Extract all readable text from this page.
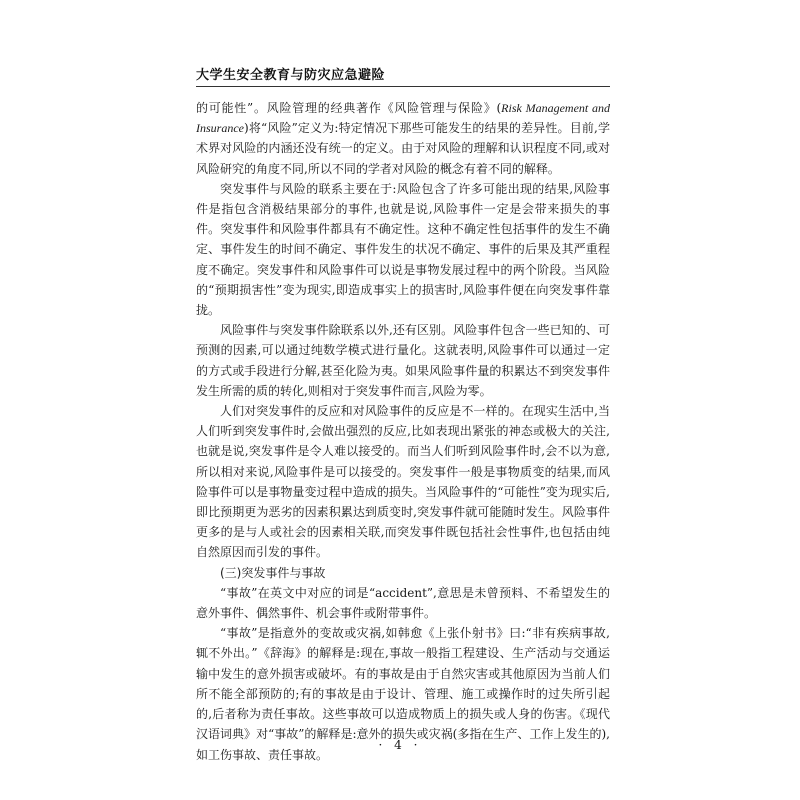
大学生安全教育与防灾应急避险

的可能性”。风险管理的经典著作《风险管理与保险》(Risk Management and Insurance)将“风险”定义为:特定情况下那些可能发生的结果的差异性。目前,学术界对风险的内涵还没有统一的定义。由于对风险的理解和认识程度不同,或对风险研究的角度不同,所以不同的学者对风险的概念有着不同的解释。

突发事件与风险的联系主要在于:风险包含了许多可能出现的结果,风险事件是指包含消极结果部分的事件,也就是说,风险事件一定是会带来损失的事件。突发事件和风险事件都具有不确定性。这种不确定性包括事件的发生不确定、事件发生的时间不确定、事件发生的状况不确定、事件的后果及其严重程度不确定。突发事件和风险事件可以说是事物发展过程中的两个阶段。当风险的“预期损害性”变为现实,即造成事实上的损害时,风险事件便在向突发事件靠拢。

风险事件与突发事件除联系以外,还有区别。风险事件包含一些已知的、可预测的因素,可以通过纯数学模式进行量化。这就表明,风险事件可以通过一定的方式或手段进行分解,甚至化险为夷。如果风险事件量的积累达不到突发事件发生所需的质的转化,则相对于突发事件而言,风险为零。

人们对突发事件的反应和对风险事件的反应是不一样的。在现实生活中,当人们听到突发事件时,会做出强烈的反应,比如表现出紧张的神态或极大的关注,也就是说,突发事件是令人难以接受的。而当人们听到风险事件时,会不以为意,所以相对来说,风险事件是可以接受的。突发事件一般是事物质变的结果,而风险事件可以是事物量变过程中造成的损失。当风险事件的“可能性”变为现实后,即比预期更为恶劣的因素积累达到质变时,突发事件就可能随时发生。风险事件更多的是与人或社会的因素相关联,而突发事件既包括社会性事件,也包括由纯自然原因而引发的事件。

(三)突发事件与事故

“事故”在英文中对应的词是“accident”,意思是未曾预料、不希望发生的意外事件、偶然事件、机会事件或附带事件。

“事故”是指意外的变故或灾祸,如韩愈《上张仆射书》曰:“非有疾病事故,辄不外出。”《辞海》的解释是:现在,事故一般指工程建设、生产活动与交通运输中发生的意外损害或破坏。有的事故是由于自然灾害或其他原因为当前人们所不能全部预防的;有的事故是由于设计、管理、施工或操作时的过失所引起的,后者称为责任事故。这些事故可以造成物质上的损失或人身的伤害。《现代汉语词典》对“事故”的解释是:意外的损失或灾祸(多指在生产、工作上发生的),如工伤事故、责任事故。

· 4 ·
